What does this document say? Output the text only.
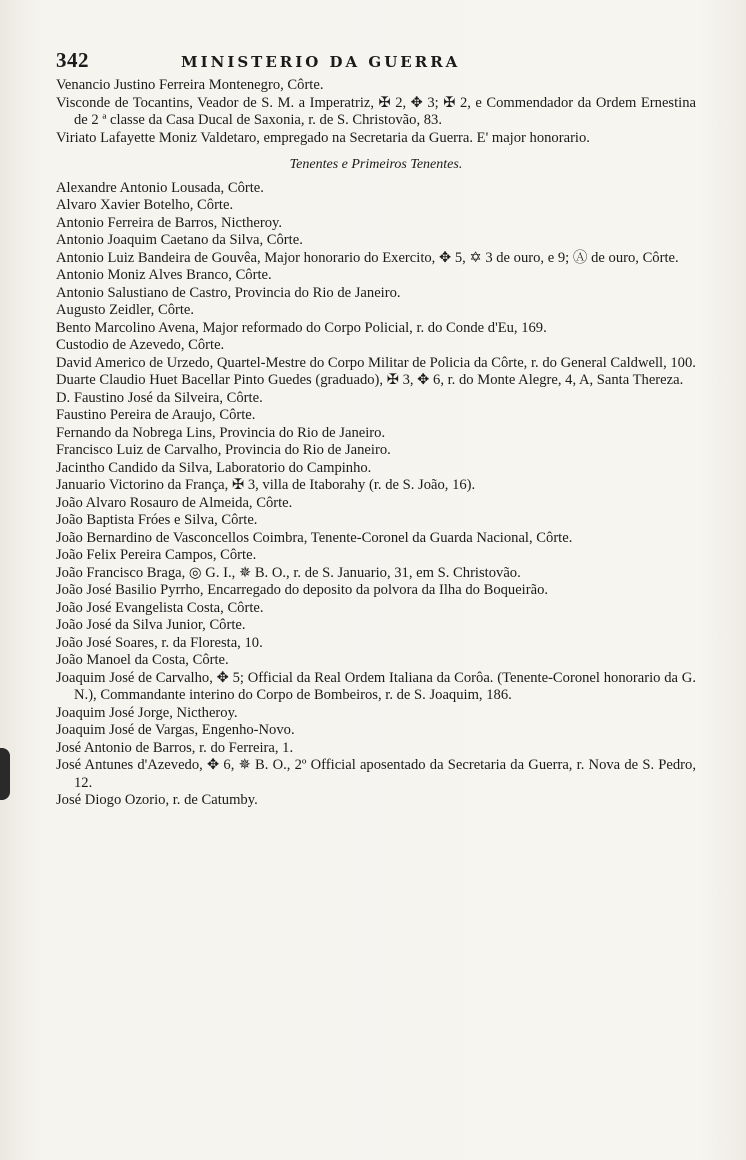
342	MINISTERIO DA GUERRA

Venancio Justino Ferreira Montenegro, Côrte.

Visconde de Tocantins, Veador de S. M. a Imperatriz, ✠ 2, ✥ 3; ✠ 2, e Commendador da Ordem Ernestina de 2 ª classe da Casa Ducal de Saxonia, r. de S. Christovão, 83.

Viriato Lafayette Moniz Valdetaro, empregado na Secretaria da Guerra. E' major honorario.

Tenentes e Primeiros Tenentes.

Alexandre Antonio Lousada, Côrte.

Alvaro Xavier Botelho, Côrte.

Antonio Ferreira de Barros, Nictheroy.

Antonio Joaquim Caetano da Silva, Côrte.

Antonio Luiz Bandeira de Gouvêa, Major honorario do Exercito, ✥ 5, ✡ 3 de ouro, e 9; Ⓐ de ouro, Côrte.

Antonio Moniz Alves Branco, Côrte.

Antonio Salustiano de Castro, Provincia do Rio de Janeiro.

Augusto Zeidler, Côrte.

Bento Marcolino Avena, Major reformado do Corpo Policial, r. do Conde d'Eu, 169.

Custodio de Azevedo, Côrte.

David Americo de Urzedo, Quartel-Mestre do Corpo Militar de Policia da Côrte, r. do General Caldwell, 100.

Duarte Claudio Huet Bacellar Pinto Guedes (graduado), ✠ 3, ✥ 6, r. do Monte Alegre, 4, A, Santa Thereza.

D. Faustino José da Silveira, Côrte.

Faustino Pereira de Araujo, Côrte.

Fernando da Nobrega Lins, Provincia do Rio de Janeiro.

Francisco Luiz de Carvalho, Provincia do Rio de Janeiro.

Jacintho Candido da Silva, Laboratorio do Campinho.

Januario Victorino da França, ✠ 3, villa de Itaborahy (r. de S. João, 16).

João Alvaro Rosauro de Almeida, Côrte.

João Baptista Fróes e Silva, Côrte.

João Bernardino de Vasconcellos Coimbra, Tenente-Coronel da Guarda Nacional, Côrte.

João Felix Pereira Campos, Côrte.

João Francisco Braga, ◎ G. I., ✵ B. O., r. de S. Januario, 31, em S. Christovão.

João José Basilio Pyrrho, Encarregado do deposito da polvora da Ilha do Boqueirão.

João José Evangelista Costa, Côrte.

João José da Silva Junior, Côrte.

João José Soares, r. da Floresta, 10.

João Manoel da Costa, Côrte.

Joaquim José de Carvalho, ✥ 5; Official da Real Ordem Italiana da Corôa. (Tenente-Coronel honorario da G. N.), Commandante interino do Corpo de Bombeiros, r. de S. Joaquim, 186.

Joaquim José Jorge, Nictheroy.

Joaquim José de Vargas, Engenho-Novo.

José Antonio de Barros, r. do Ferreira, 1.

José Antunes d'Azevedo, ✥ 6, ✵ B. O., 2º Official aposentado da Secretaria da Guerra, r. Nova de S. Pedro, 12.

José Diogo Ozorio, r. de Catumby.
